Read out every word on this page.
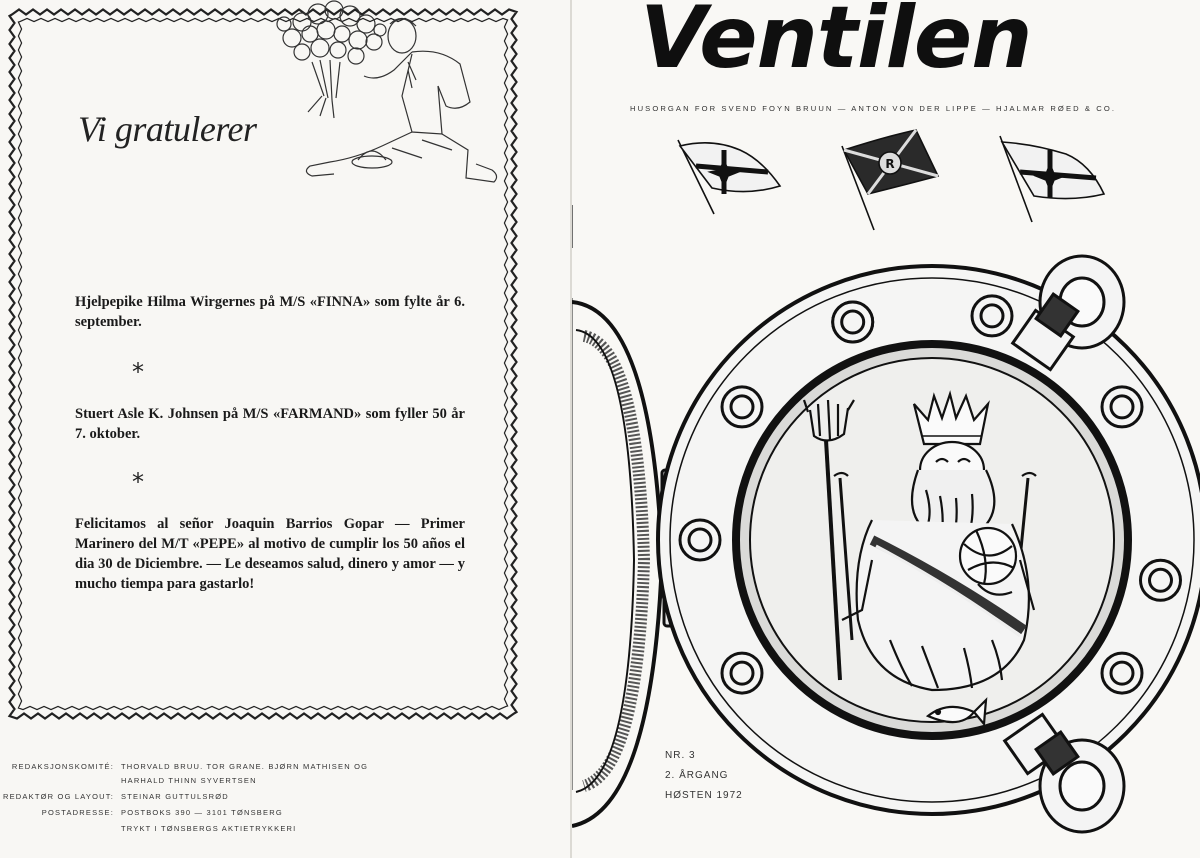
Vi gratulerer

Hjelpepike Hilma Wirgernes på M/S «FINNA» som fylte år 6. september.

*

Stuert Asle K. Johnsen på M/S «FARMAND» som fyller 50 år 7. oktober.

*

Felicitamos al señor Joaquin Barrios Gopar — Primer Marinero del M/T «PEPE» al motivo de cumplir los 50 años el dia 30 de Diciembre. — Le deseamos salud, dinero y amor — y mucho tiempa para gastarlo!

REDAKSJONSKOMITÉ: THORVALD BRUU. TOR GRANE. BJØRN MATHISEN OG
HARHALD THINN SYVERTSEN
REDAKTØR OG LAYOUT: STEINAR GUTTULSRØD
POSTADRESSE: POSTBOKS 390 — 3101 TØNSBERG
TRYKT I TØNSBERGS AKTIETRYKKERI
Ventilen
HUSORGAN FOR SVEND FOYN BRUUN — ANTON VON DER LIPPE — HJALMAR RØED & CO.
R
NR. 3
2. ÅRGANG
HØSTEN 1972
